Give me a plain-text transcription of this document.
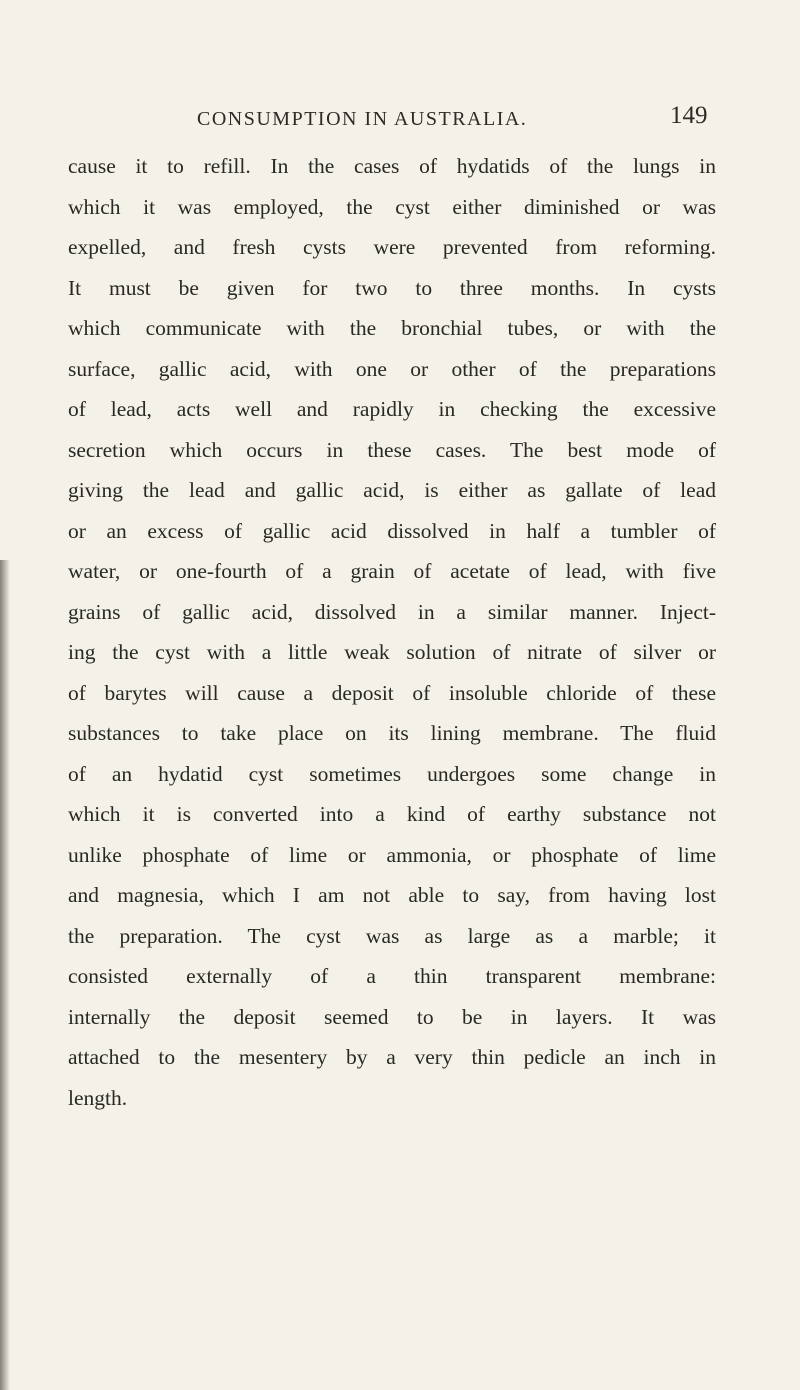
CONSUMPTION IN AUSTRALIA.	149
cause it to refill. In the cases of hydatids of the lungs in
which it was employed, the cyst either diminished or was
expelled, and fresh cysts were prevented from reforming.
It must be given for two to three months. In cysts
which communicate with the bronchial tubes, or with the
surface, gallic acid, with one or other of the preparations
of lead, acts well and rapidly in checking the excessive
secretion which occurs in these cases. The best mode of
giving the lead and gallic acid, is either as gallate of lead
or an excess of gallic acid dissolved in half a tumbler of
water, or one-fourth of a grain of acetate of lead, with five
grains of gallic acid, dissolved in a similar manner. Inject-
ing the cyst with a little weak solution of nitrate of silver or
of barytes will cause a deposit of insoluble chloride of these
substances to take place on its lining membrane. The fluid
of an hydatid cyst sometimes undergoes some change in
which it is converted into a kind of earthy substance not
unlike phosphate of lime or ammonia, or phosphate of lime
and magnesia, which I am not able to say, from having lost
the preparation. The cyst was as large as a marble; it
consisted externally of a thin transparent membrane:
internally the deposit seemed to be in layers. It was
attached to the mesentery by a very thin pedicle an inch in
length.
